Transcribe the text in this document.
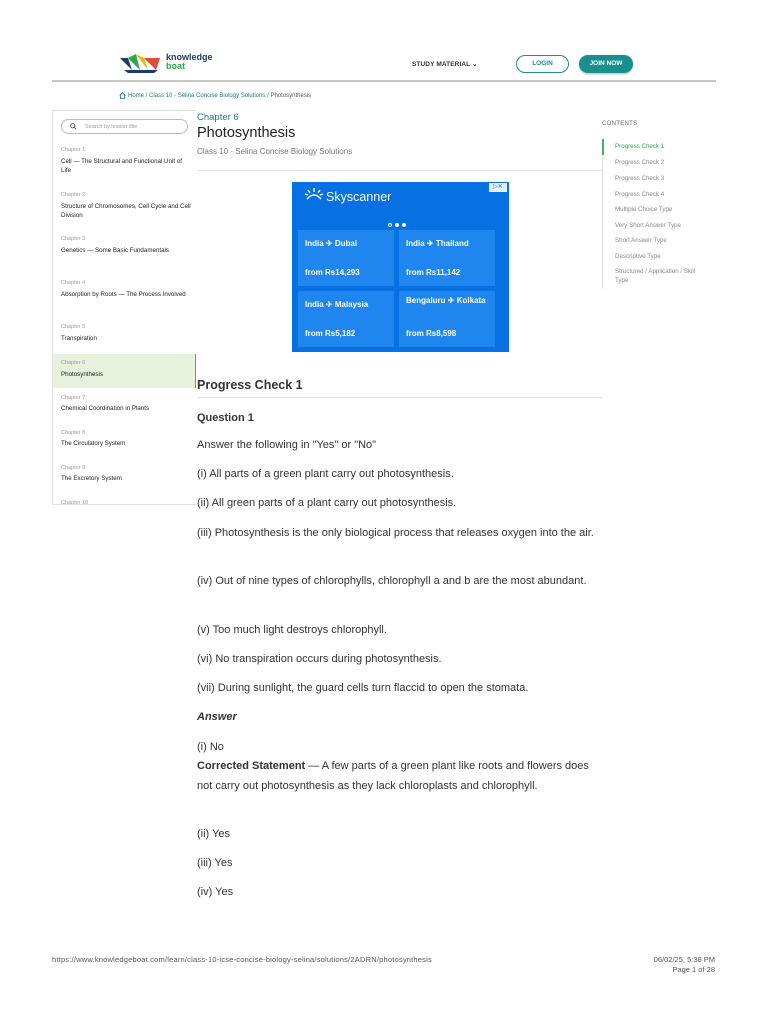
knowledge
boat	STUDY MATERIAL ⌄	LOGIN	JOIN NOW
Home / Class 10 - Selina Concise Biology Solutions / Photosynthesis
Search by lesson title
Chapter 1
Cell — The Structural and Functional Unit of Life
Chapter 2
Structure of Chromosomes, Cell Cycle and Cell Division
Chapter 3
Genetics — Some Basic Fundamentals
Chapter 4
Absorption by Roots — The Process Involved
Chapter 5
Transpiration
Chapter 6
Photosynthesis
Chapter 7
Chemical Coordination in Plants
Chapter 8
The Circulatory System
Chapter 9
The Excretory System
Chapter 10
Chapter 6
Photosynthesis
Class 10 - Selina Concise Biology Solutions
▷✕
Skyscanner
India ✈ Dubai
from Rs14,293
India ✈ Thailand
from Rs11,142
India ✈ Malaysia
from Rs5,182
Bengaluru ✈ Kolkata
from Rs8,598
Progress Check 1
Question 1
Answer the following in "Yes" or "No"
(i) All parts of a green plant carry out photosynthesis.
(ii) All green parts of a plant carry out photosynthesis.
(iii) Photosynthesis is the only biological process that releases oxygen into the air.
(iv) Out of nine types of chlorophylls, chlorophyll a and b are the most abundant.
(v) Too much light destroys chlorophyll.
(vi) No transpiration occurs during photosynthesis.
(vii) During sunlight, the guard cells turn flaccid to open the stomata.
Answer
(i) No
Corrected Statement — A few parts of a green plant like roots and flowers does not carry out photosynthesis as they lack chloroplasts and chlorophyll.
(ii) Yes
(iii) Yes
(iv) Yes
CONTENTS
Progress Check 1
Progress Check 2
Progress Check 3
Progress Check 4
Multiple Choice Type
Very Short Answer Type
Short Answer Type
Descriptive Type
Structured / Application / Skill Type
https://www.knowledgeboat.com/learn/class-10-icse-concise-biology-selina/solutions/2ADRN/photosynthesis	06/02/25, 5:38 PM
Page 1 of 28
